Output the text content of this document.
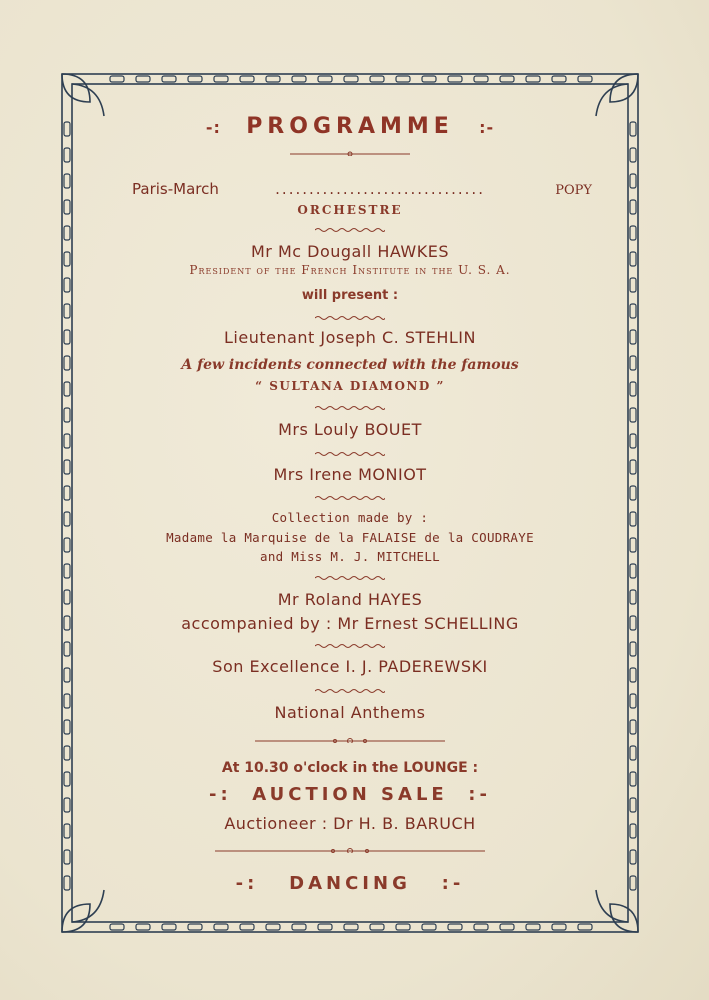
-: PROGRAMME :-
Paris-March	...............................	POPY
ORCHESTRE
Mr Mc Dougall HAWKES
President of the French Institute in the U. S. A.
will present :
Lieutenant Joseph C. STEHLIN
A few incidents connected with the famous
“ SULTANA DIAMOND ”
Mrs Louly BOUET
Mrs Irene MONIOT
Collection made by :
Madame la Marquise de la FALAISE de la COUDRAYE
and Miss M. J. MITCHELL
Mr Roland HAYES
accompanied by : Mr Ernest SCHELLING
Son Excellence I. J. PADEREWSKI
National Anthems
At 10.30 o'clock in the LOUNGE :
-: AUCTION SALE :-
Auctioneer : Dr H. B. BARUCH
-: DANCING :-
